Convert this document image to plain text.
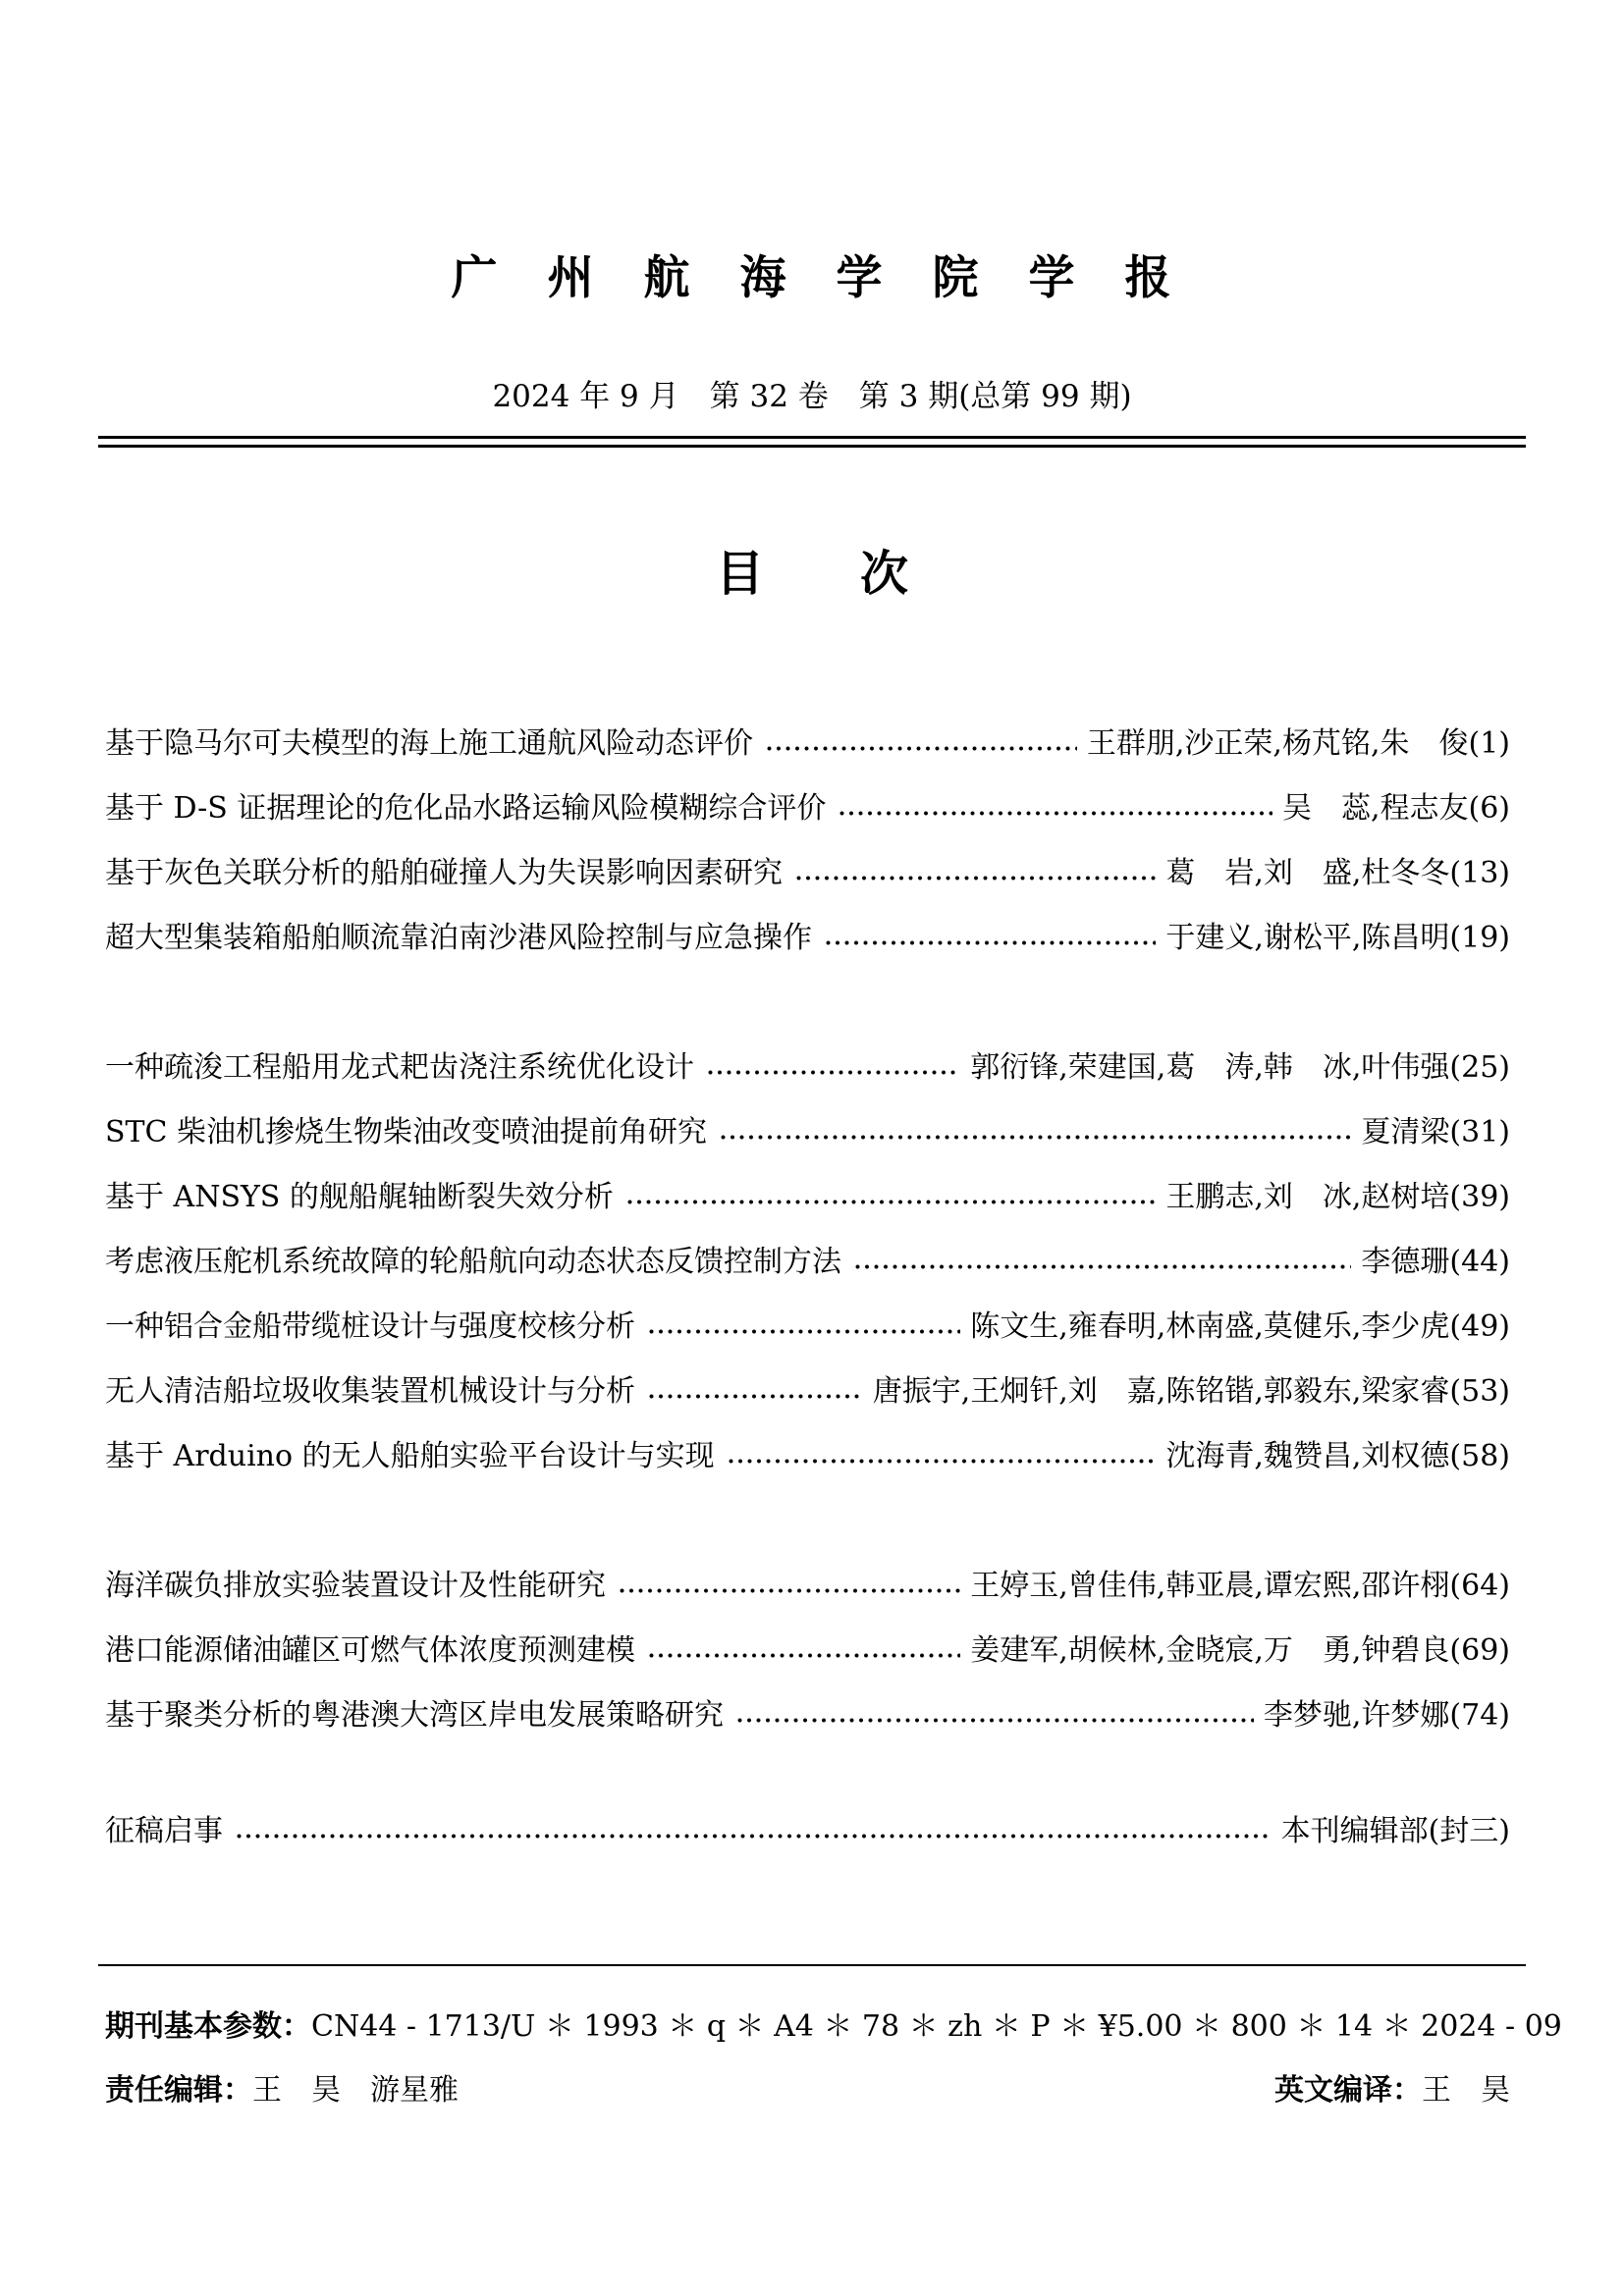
广　州　航　海　学　院　学　报
2024 年 9 月　第 32 卷　第 3 期(总第 99 期)
目　　次
基于隐马尔可夫模型的海上施工通航风险动态评价	王群朋,沙正荣,杨芃铭,朱　俊 (1)
基于 D-S 证据理论的危化品水路运输风险模糊综合评价	吴　蕊,程志友 (6)
基于灰色关联分析的船舶碰撞人为失误影响因素研究	葛　岩,刘　盛,杜冬冬 (13)
超大型集装箱船舶顺流靠泊南沙港风险控制与应急操作	于建义,谢松平,陈昌明 (19)
一种疏浚工程船用龙式耙齿浇注系统优化设计	郭衍锋,荣建国,葛　涛,韩　冰,叶伟强 (25)
STC 柴油机掺烧生物柴油改变喷油提前角研究	夏清梁 (31)
基于 ANSYS 的舰船艉轴断裂失效分析	王鹏志,刘　冰,赵树培 (39)
考虑液压舵机系统故障的轮船航向动态状态反馈控制方法	李德珊 (44)
一种铝合金船带缆桩设计与强度校核分析	陈文生,雍春明,林南盛,莫健乐,李少虎 (49)
无人清洁船垃圾收集装置机械设计与分析	唐振宇,王炯钎,刘　嘉,陈铭锴,郭毅东,梁家睿 (53)
基于 Arduino 的无人船舶实验平台设计与实现	沈海青,魏赞昌,刘权德 (58)
海洋碳负排放实验装置设计及性能研究	王婷玉,曾佳伟,韩亚晨,谭宏熙,邵许栩 (64)
港口能源储油罐区可燃气体浓度预测建模	姜建军,胡候林,金晓宸,万　勇,钟碧良 (69)
基于聚类分析的粤港澳大湾区岸电发展策略研究	李梦驰,许梦娜 (74)
征稿启事	本刊编辑部 (封三)
期刊基本参数：CN44 - 1713/U ＊ 1993 ＊ q ＊ A4 ＊ 78 ＊ zh ＊ P ＊ ¥5.00 ＊ 800 ＊ 14 ＊ 2024 - 09
责任编辑：王　昊　游星雅	英文编译：王　昊
